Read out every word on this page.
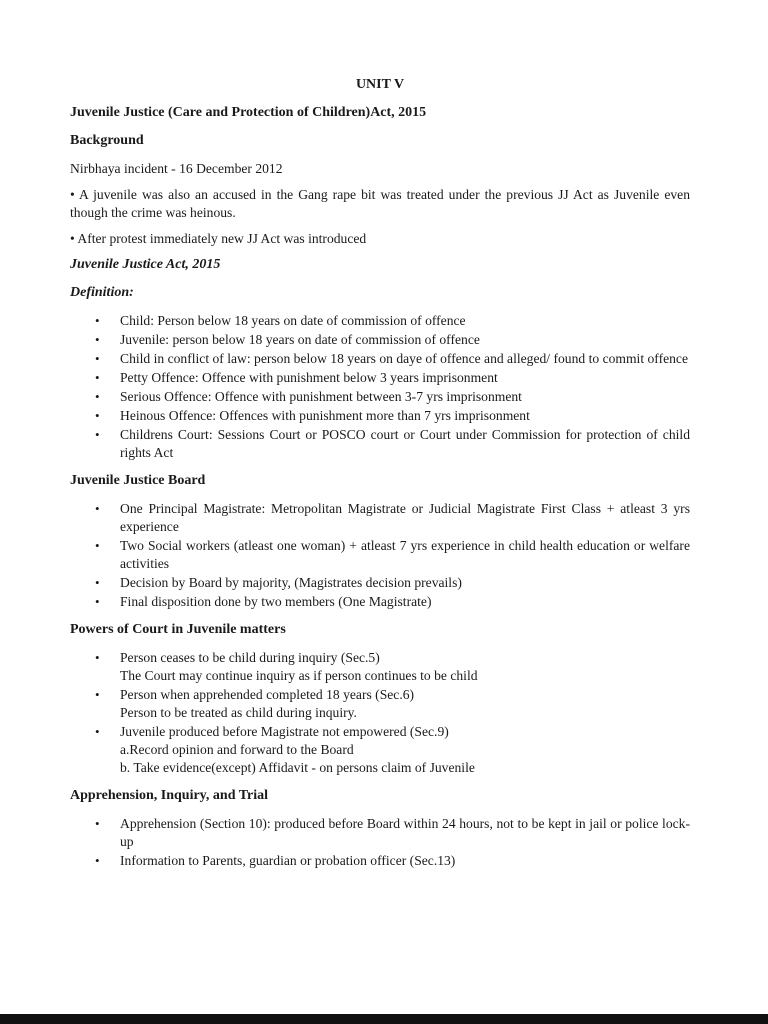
UNIT V
Juvenile Justice (Care and Protection of Children)Act, 2015
Background
Nirbhaya incident - 16 December 2012
• A juvenile was also an accused in the Gang rape bit was treated under the previous JJ Act as Juvenile even though the crime was heinous.
• After protest immediately new JJ Act was introduced
Juvenile Justice Act, 2015
Definition:
• Child: Person below 18 years on date of commission of offence
• Juvenile: person below 18 years on date of commission of offence
• Child in conflict of law: person below 18 years on daye of offence and alleged/ found to commit offence
• Petty Offence: Offence with punishment below 3 years imprisonment
• Serious Offence: Offence with punishment between 3-7 yrs imprisonment
• Heinous Offence: Offences with punishment more than 7 yrs imprisonment
• Childrens Court: Sessions Court or POSCO court or Court under Commission for protection of child rights Act
Juvenile Justice Board
• One Principal Magistrate: Metropolitan Magistrate or Judicial Magistrate First Class + atleast 3 yrs experience
• Two Social workers (atleast one woman) + atleast 7 yrs experience in child health education or welfare activities
• Decision by Board by majority, (Magistrates decision prevails)
• Final disposition done by two members (One Magistrate)
Powers of Court in Juvenile matters
• Person ceases to be child during inquiry (Sec.5)
The Court may continue inquiry as if person continues to be child
• Person when apprehended completed 18 years (Sec.6)
Person to be treated as child during inquiry.
• Juvenile produced before Magistrate not empowered (Sec.9)
a.Record opinion and forward to the Board
b. Take evidence(except) Affidavit - on persons claim of Juvenile
Apprehension, Inquiry, and Trial
• Apprehension (Section 10): produced before Board within 24 hours, not to be kept in jail or police lock-up
• Information to Parents, guardian or probation officer (Sec.13)
